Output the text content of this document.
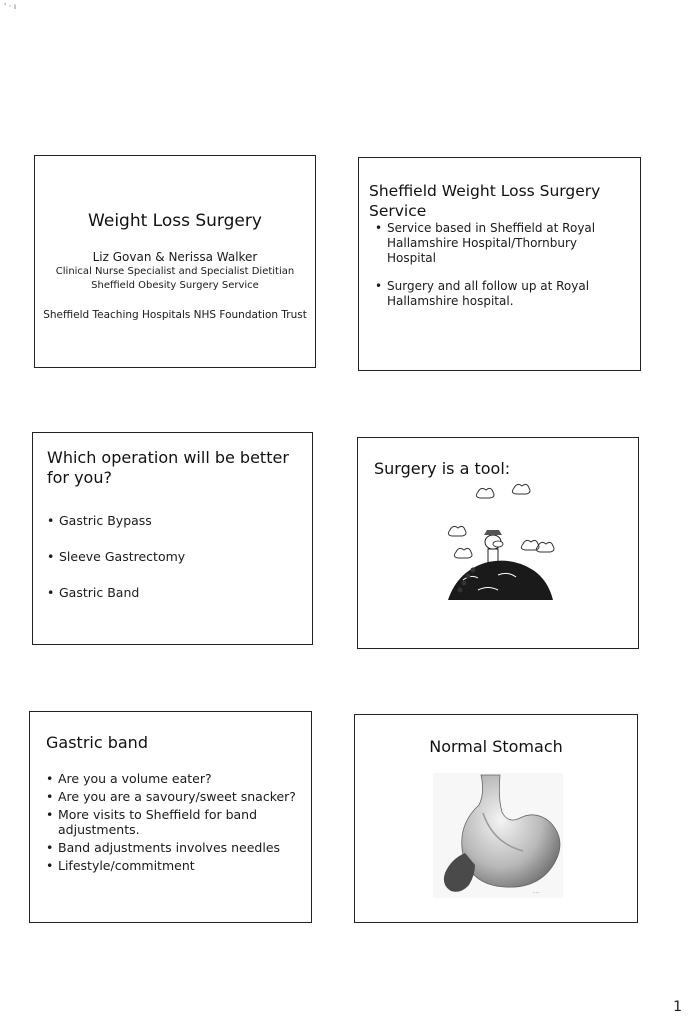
' · ı
Weight Loss Surgery
Liz Govan & Nerissa Walker
Clinical Nurse Specialist and Specialist Dietitian
Sheffield Obesity Surgery Service
Sheffield Teaching Hospitals NHS Foundation Trust
Sheffield Weight Loss Surgery Service
• Service based in Sheffield at Royal Hallamshire Hospital/Thornbury Hospital
• Surgery and all follow up at Royal Hallamshire hospital.
Which operation will be better for you?
• Gastric Bypass
• Sleeve Gastrectomy
• Gastric Band
Surgery is a tool:
Gastric band
• Are you a volume eater?
• Are you are a savoury/sweet snacker?
• More visits to Sheffield for band adjustments.
• Band adjustments involves needles
• Lifestyle/commitment
Normal Stomach
·····
1
